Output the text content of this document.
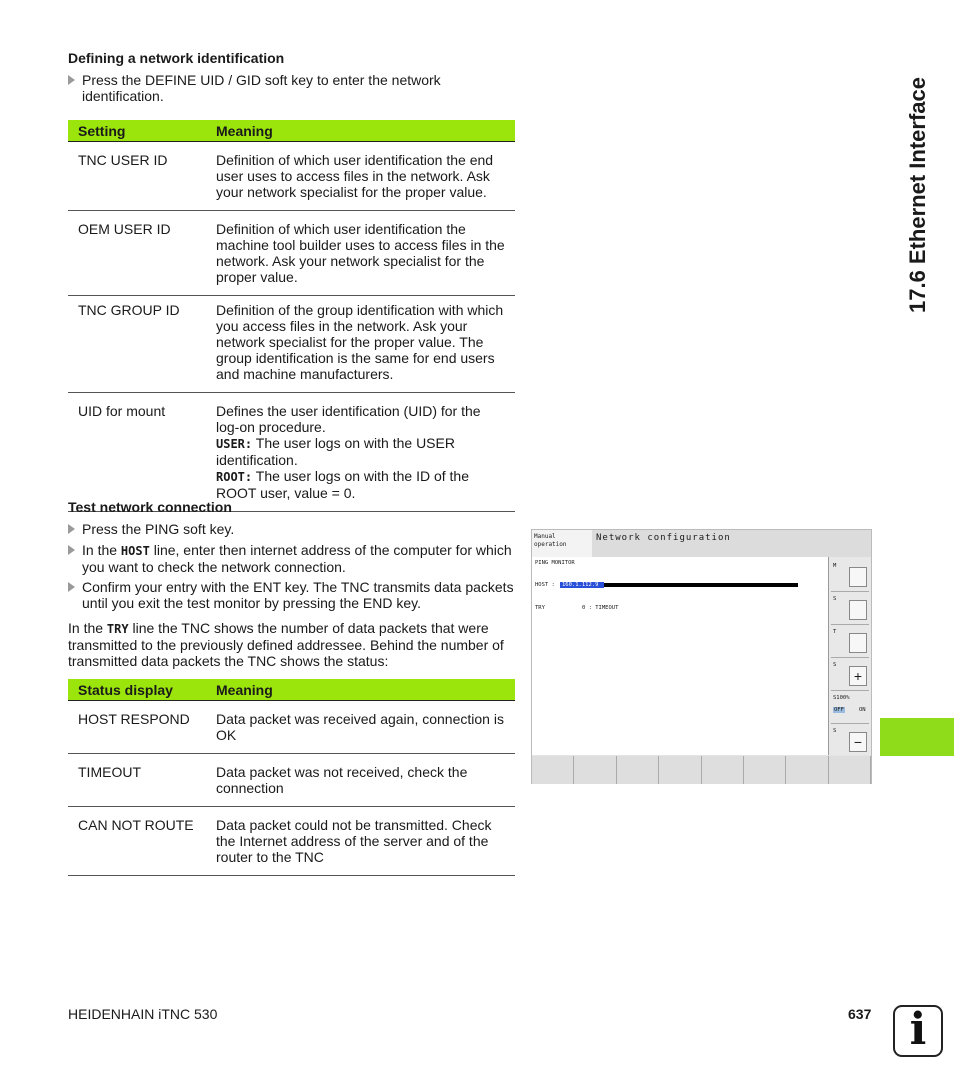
Defining a network identification
Press the DEFINE UID / GID soft key to enter the network identification.
Setting	Meaning
TNC USER ID	Definition of which user identification the end user uses to access files in the network. Ask your network specialist for the proper value.
OEM USER ID	Definition of which user identification the machine tool builder uses to access files in the network. Ask your network specialist for the proper value.
TNC GROUP ID	Definition of the group identification with which you access files in the network. Ask your network specialist for the proper value. The group identification is the same for end users and machine manufacturers.
UID for mount	Defines the user identification (UID) for the log-on procedure.
USER: The user logs on with the USER identification.
ROOT: The user logs on with the ID of the ROOT user, value = 0.
Test network connection
Press the PING soft key.
In the HOST line, enter then internet address of the computer for which you want to check the network connection.
Confirm your entry with the ENT key. The TNC transmits data packets until you exit the test monitor by pressing the END key.
In the TRY line the TNC shows the number of data packets that were transmitted to the previously defined addressee. Behind the number of transmitted data packets the TNC shows the status:
Status display	Meaning
HOST RESPOND	Data packet was received again, connection is OK
TIMEOUT	Data packet was not received, check the connection
CAN NOT ROUTE	Data packet could not be transmitted. Check the Internet address of the server and of the router to the TNC
Manual
operation
Network configuration
PING MONITOR
HOST : 160.1.112.9
TRY	0 : TIMEOUT
M
S
T
S
+
S100%
OFF	ON
S
−
17.6 Ethernet Interface
HEIDENHAIN iTNC 530	637 i
